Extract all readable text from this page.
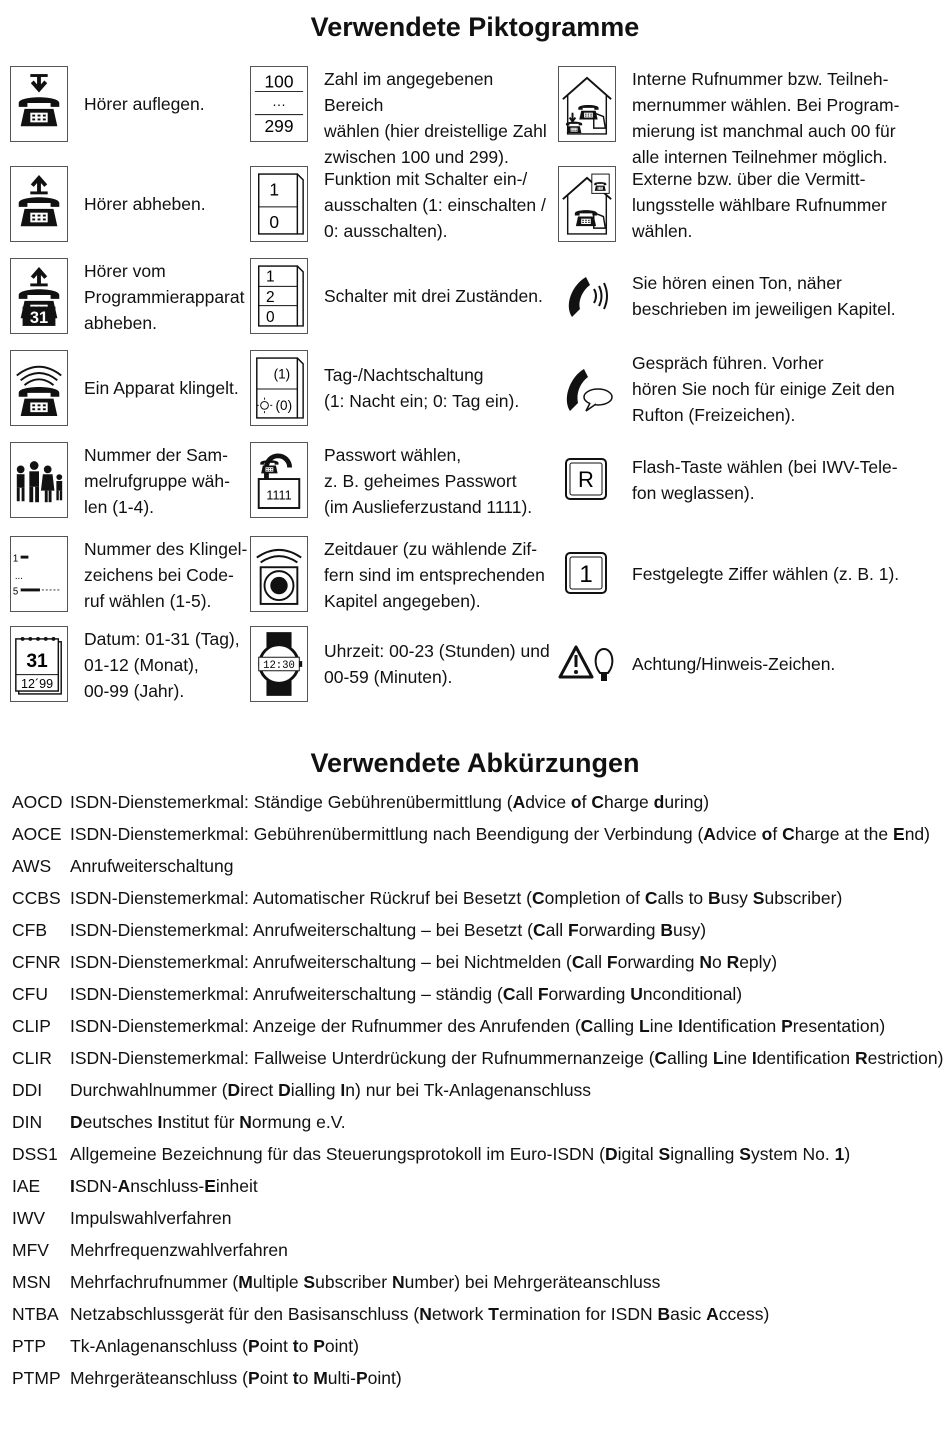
Verwendete Piktogramme
Hörer auflegen.
100
···
299
Zahl im angegebenen Bereich
wählen (hier dreistellige Zahl
zwischen 100 und 299).
Interne Rufnummer bzw. Teilneh-
mernummer wählen. Bei Program-
mierung ist manchmal auch 00 für
alle internen Teilnehmer möglich.
Hörer abheben.
1
0
Funktion mit Schalter ein-/
ausschalten (1: einschalten /
0: ausschalten).
Externe bzw. über die Vermitt-
lungsstelle wählbare Rufnummer
wählen.
31
Hörer vom
Programmierapparat
abheben.
1
2
0
Schalter mit drei Zuständen.
Sie hören einen Ton, näher
beschrieben im jeweiligen Kapitel.
Ein Apparat klingelt.
(1)
(0)
Tag-/Nachtschaltung
(1: Nacht ein; 0: Tag ein).
Gespräch führen. Vorher
hören Sie noch für einige Zeit den
Rufton (Freizeichen).
Nummer der Sam-
melrufgruppe wäh-
len (1-4).
1111
Passwort wählen,
z. B. geheimes Passwort
(im Auslieferzustand 1111).
R Flash-Taste wählen (bei IWV-Tele-
fon weglassen).
1
...
5
Nummer des Klingel-
zeichens bei Code-
ruf wählen (1-5).
Zeitdauer (zu wählende Zif-
fern sind im entsprechenden
Kapitel angegeben).
1 Festgelegte Ziffer wählen (z. B. 1).
31
12´99
Datum: 01-31 (Tag),
01-12 (Monat),
00-99 (Jahr).
12:30
Uhrzeit: 00-23 (Stunden) und
00-59 (Minuten).
Achtung/Hinweis-Zeichen.
Verwendete Abkürzungen
AOCD ISDN-Dienstemerkmal: Ständige Gebührenübermittlung (Advice of Charge during)
AOCE ISDN-Dienstemerkmal: Gebührenübermittlung nach Beendigung der Verbindung (Advice of Charge at the End)
AWS Anrufweiterschaltung
CCBS ISDN-Dienstemerkmal: Automatischer Rückruf bei Besetzt (Completion of Calls to Busy Subscriber)
CFB ISDN-Dienstemerkmal: Anrufweiterschaltung – bei Besetzt (Call Forwarding Busy)
CFNR ISDN-Dienstemerkmal: Anrufweiterschaltung – bei Nichtmelden (Call Forwarding No Reply)
CFU ISDN-Dienstemerkmal: Anrufweiterschaltung – ständig (Call Forwarding Unconditional)
CLIP ISDN-Dienstemerkmal: Anzeige der Rufnummer des Anrufenden (Calling Line Identification Presentation)
CLIR ISDN-Dienstemerkmal: Fallweise Unterdrückung der Rufnummernanzeige (Calling Line Identification Restriction)
DDI Durchwahlnummer (Direct Dialling In) nur bei Tk-Anlagenanschluss
DIN Deutsches Institut für Normung e.V.
DSS1 Allgemeine Bezeichnung für das Steuerungsprotokoll im Euro-ISDN (Digital Signalling System No. 1)
IAE ISDN-Anschluss-Einheit
IWV Impulswahlverfahren
MFV Mehrfrequenzwahlverfahren
MSN Mehrfachrufnummer (Multiple Subscriber Number) bei Mehrgeräteanschluss
NTBA Netzabschlussgerät für den Basisanschluss (Network Termination for ISDN Basic Access)
PTP Tk-Anlagenanschluss (Point to Point)
PTMP Mehrgeräteanschluss (Point to Multi-Point)
